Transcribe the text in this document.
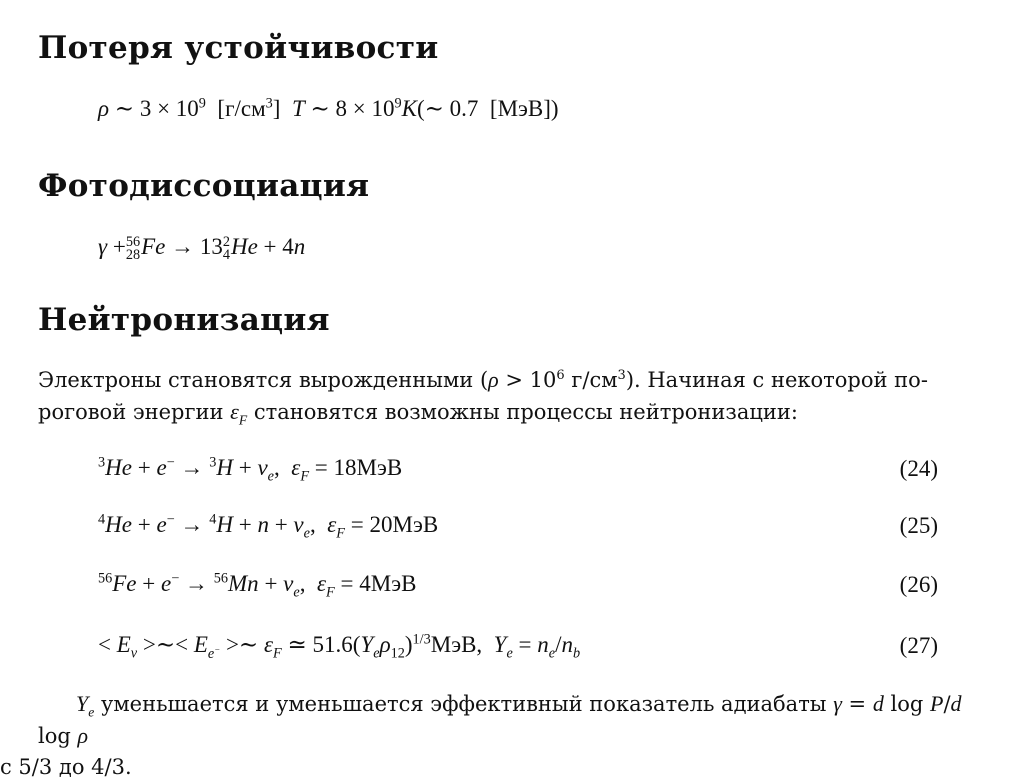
Потеря устойчивости
ρ ∼ $3 \times 10^9$ $[г/см^3]$  T ∼ $8 \times 10^9K(\sim$ 0.7  [МэВ])
Фотодиссоциация
γ + 56
28 Fe → 13 2
4 He + 4n
Нейтронизация
Электроны становятся вырожденными ($\rho > 10^6$ $г/см^3$). Начиная с некоторой по-
роговой энергии $\varepsilon_F$ становятся возможны процессы нейтронизации:
$^3He + e^- \to ^3H + \nu_e$,  $\varepsilon_F = 18МэВ$	(24)
$^4He + e^- \to ^4H + n + \nu_e$,  $\varepsilon_F = 20МэВ$	(25)
$^{56}Fe + e^- \to ^{56}Mn + \nu_e$,  $\varepsilon_F = 4МэВ$	(26)
< $E_\nu$ >∼< $E_{e^-}$ >∼ $\varepsilon_F$ ≃ $51.6(Y_e\rho_{12})^{1/3}МэВ$,  $Y_e = n_e/n_b$	(27)
$Y_e$ уменьшается и уменьшается эффективный показатель адиабаты γ = d log P/d log ρ
с 5/3 до 4/3.
